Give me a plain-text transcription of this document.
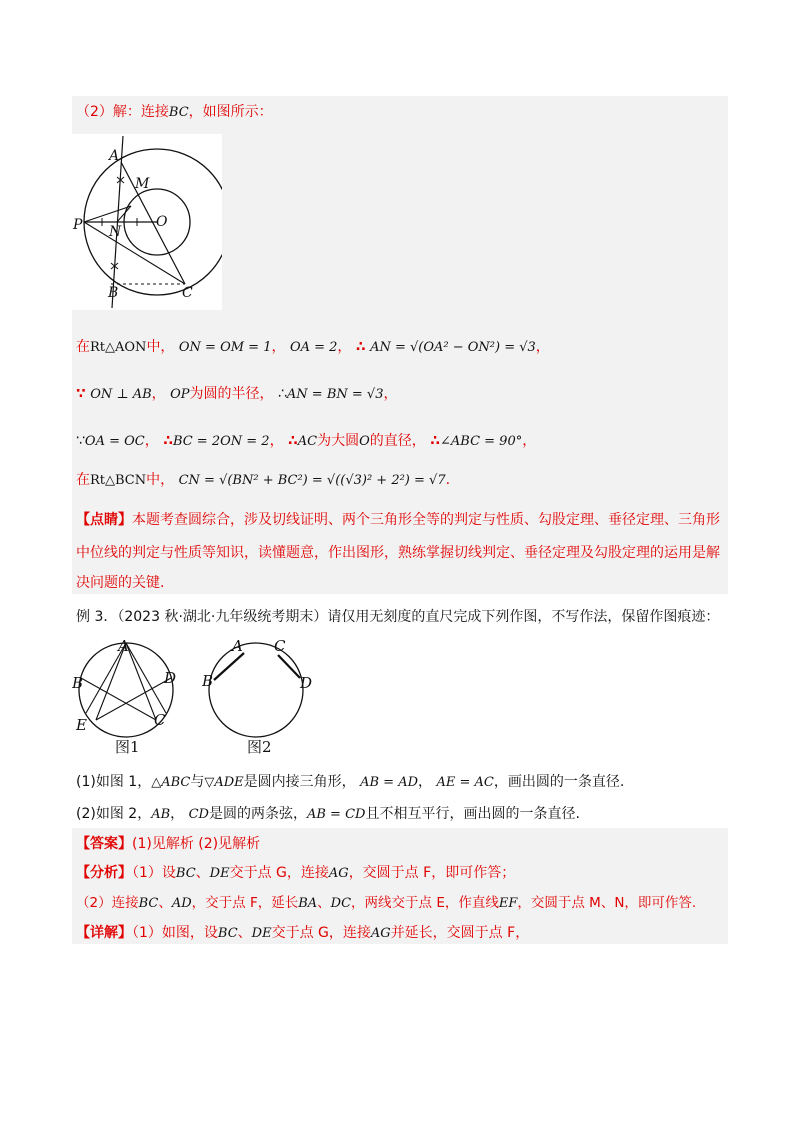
（2）解：连接BC，如图所示：
A
M
P N
O
B	C
在Rt△AON中， ON = OM = 1， OA = 2， ∴ AN = √(OA² − ON²) = √3，
∵ ON ⊥ AB， OP为圆的半径， ∴AN = BN = √3，
∵OA = OC， ∴BC = 2ON = 2， ∴AC为大圆O的直径， ∴∠ABC = 90°，
在Rt△BCN中， CN = √(BN² + BC²) = √((√3)² + 2²) = √7.
【点睛】本题考查圆综合，涉及切线证明、两个三角形全等的判定与性质、勾股定理、垂径定理、三角形
中位线的判定与性质等知识，读懂题意，作出图形，熟练掌握切线判定、垂径定理及勾股定理的运用是解
决问题的关键.
例 3．（2023 秋·湖北·九年级统考期末）请仅用无刻度的直尺完成下列作图，不写作法，保留作图痕迹：
A
B	D
E	C
图1
A C
B	D
图2
(1)如图 1，△ABC与▽ADE是圆内接三角形， AB = AD， AE = AC，画出圆的一条直径.
(2)如图 2，AB， CD是圆的两条弦，AB = CD且不相互平行，画出圆的一条直径.
【答案】(1)见解析 (2)见解析
【分析】（1）设BC、DE交于点 G，连接AG，交圆于点 F，即可作答；
（2）连接BC、AD，交于点 F，延长BA、DC，两线交于点 E，作直线EF，交圆于点 M、N，即可作答.
【详解】（1）如图，设BC、DE交于点 G，连接AG并延长，交圆于点 F，
